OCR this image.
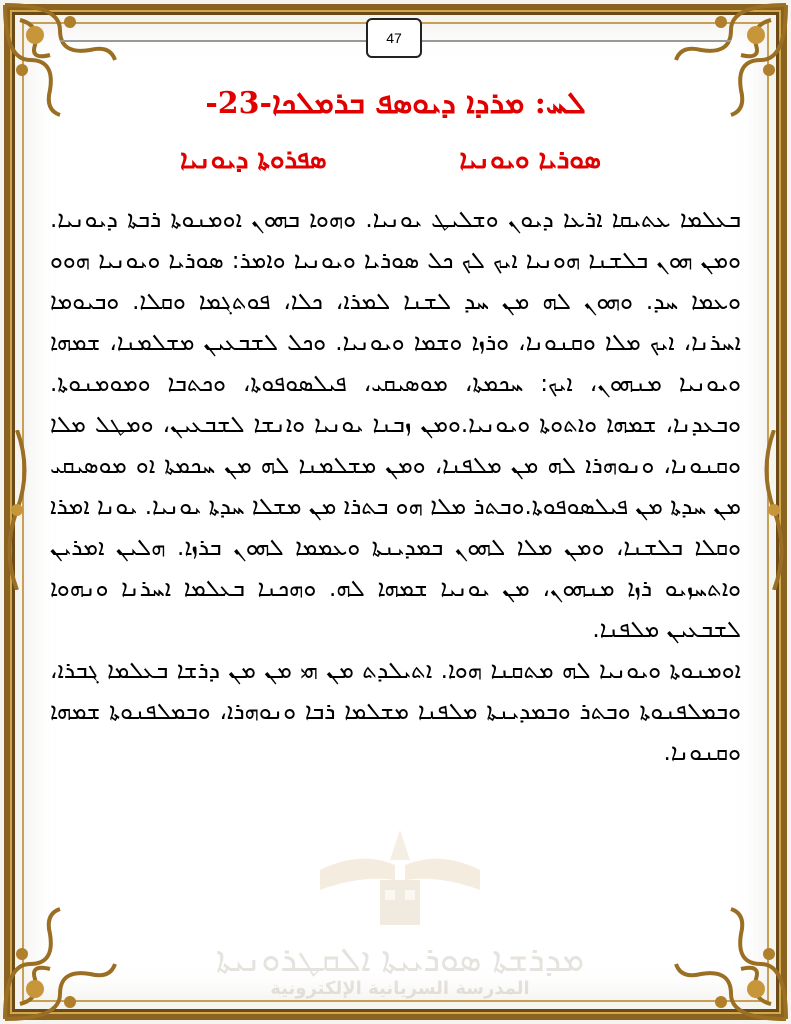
47
ܠܚ: ܡܪܕܐ ܕܝܘܣܦ ܒܪܡܠܟܐ-23-
ܣܘܪܝܐ ܘܝܘܢܝܐ
ܣܦܪܘܬܐ ܕܝܘܢܝܐ

ܒܥܠܡܐ ܥܬܝܩܐ ܐܪܥܐ ܕܝܘܢ ܘܫܠܝܛ ܝܘܢܝܐ. ܘܗܘܐ ܒܗܘܢ ܐܘܡܢܘܬܐ ܪܒܬܐ ܕܝܘܢܝܐ. ܘܡܢ ܗܘܢ ܒܠܫܢܐ ܗܘܢܝܐ ܐܝܟ ܠܟ ܟܠ ܣܘܪܝܐ ܘܝܘܢܝܐ ܘܐܡܪ: ܣܘܪܝܐ ܘܝܘܢܝܐ ܗܘܘ ܘܥܡܐ ܚܕ. ܘܗܘܢ ܠܗ ܡܢ ܚܕ ܠܫܢܐ ܠܡܪܐ، ܟܠܐ، ܦܘܬܓܡܐ ܘܩܠܐ. ܘܒܝܘܡܐ ܐܚܪܢܐ، ܐܝܟ ܡܠܐ ܘܩܢܘܢܐ، ܘܪܙܐ ܘܫܡܐ ܘܝܘܢܝܐ. ܘܟܠ ܠܫܒܥܝܢ ܡܫܠܡܢܐ، ܫܡܗܐ ܘܝܘܢܝܐ ܡܢܗܘܢ، ܐܝܟ: ܚܟܡܬܐ، ܡܘܣܝܩܝ، ܦܝܠܣܘܦܘܬܐ، ܘܟܬܒܐ ܘܡܘܡܢܘܬܐ. ܘܒܥܕܢܐ، ܫܡܗܐ ܘܐܬܘܬܐ ܘܝܘܢܝܐ.ܘܡܢ ܙܒܢܐ ܝܘܢܝܐ ܘܐܢܫܐ ܠܫܒܥܝܢ، ܘܡܛܠ ܡܠܐ ܘܩܢܘܢܐ، ܘܢܘܗܪܐ ܠܗ ܡܢ ܡܠܦܢܐ، ܘܡܢ ܡܫܠܡܢܐ ܠܗ ܡܢ ܚܟܡܬܐ ܐܘ ܡܘܣܝܩܝ ܡܢ ܚܕܬܐ ܡܢ ܦܝܠܣܘܦܘܬܐ.ܘܒܬܪ ܡܠܐ ܗܘ ܒܬܪܐ ܡܢ ܡܫܠܐ ܚܕܬܐ ܝܘܢܝܐ. ܝܘܢܐ ܐܡܪܐ ܘܩܠܐ ܒܠܫܢܐ، ܘܡܢ ܡܠܐ ܠܗܘܢ ܒܡܕܝܢܬܐ ܘܥܡܡܐ ܠܗܘܢ ܒܪܙܐ. ܗܠܝܢ ܐܡܪܝܢ ܘܐܬܚܙܝܘ ܪܙܐ ܡܢܗܘܢ، ܡܢ ܝܘܢܝܐ ܫܡܗܐ ܠܗ. ܘܗܟܢܐ ܒܥܠܡܐ ܐܚܪܢܐ ܘܢܗܘܐ ܠܫܒܥܝܢ ܡܠܦܢܐ.

ܐܘܡܢܘܬܐ ܘܝܘܢܝܐ ܠܗ ܡܬܩܢܐ ܗܘܐ. ܐܬܝܠܕܬ ܡܢ ܗܝ ܡܢ ܡܢ ܕܪܫܐ ܒܥܠܡܐ ܓܒܪܐ، ܘܒܡܠܦܢܘܬܐ ܘܒܬܪ ܘܒܡܕܝܢܬܐ ܡܠܦܢܐ ܡܫܠܡܐ ܪܒܐ ܘܢܘܗܪܐ، ܘܒܡܠܦܢܘܬܐ ܫܡܗܐ ܘܩܢܘܢܐ.
